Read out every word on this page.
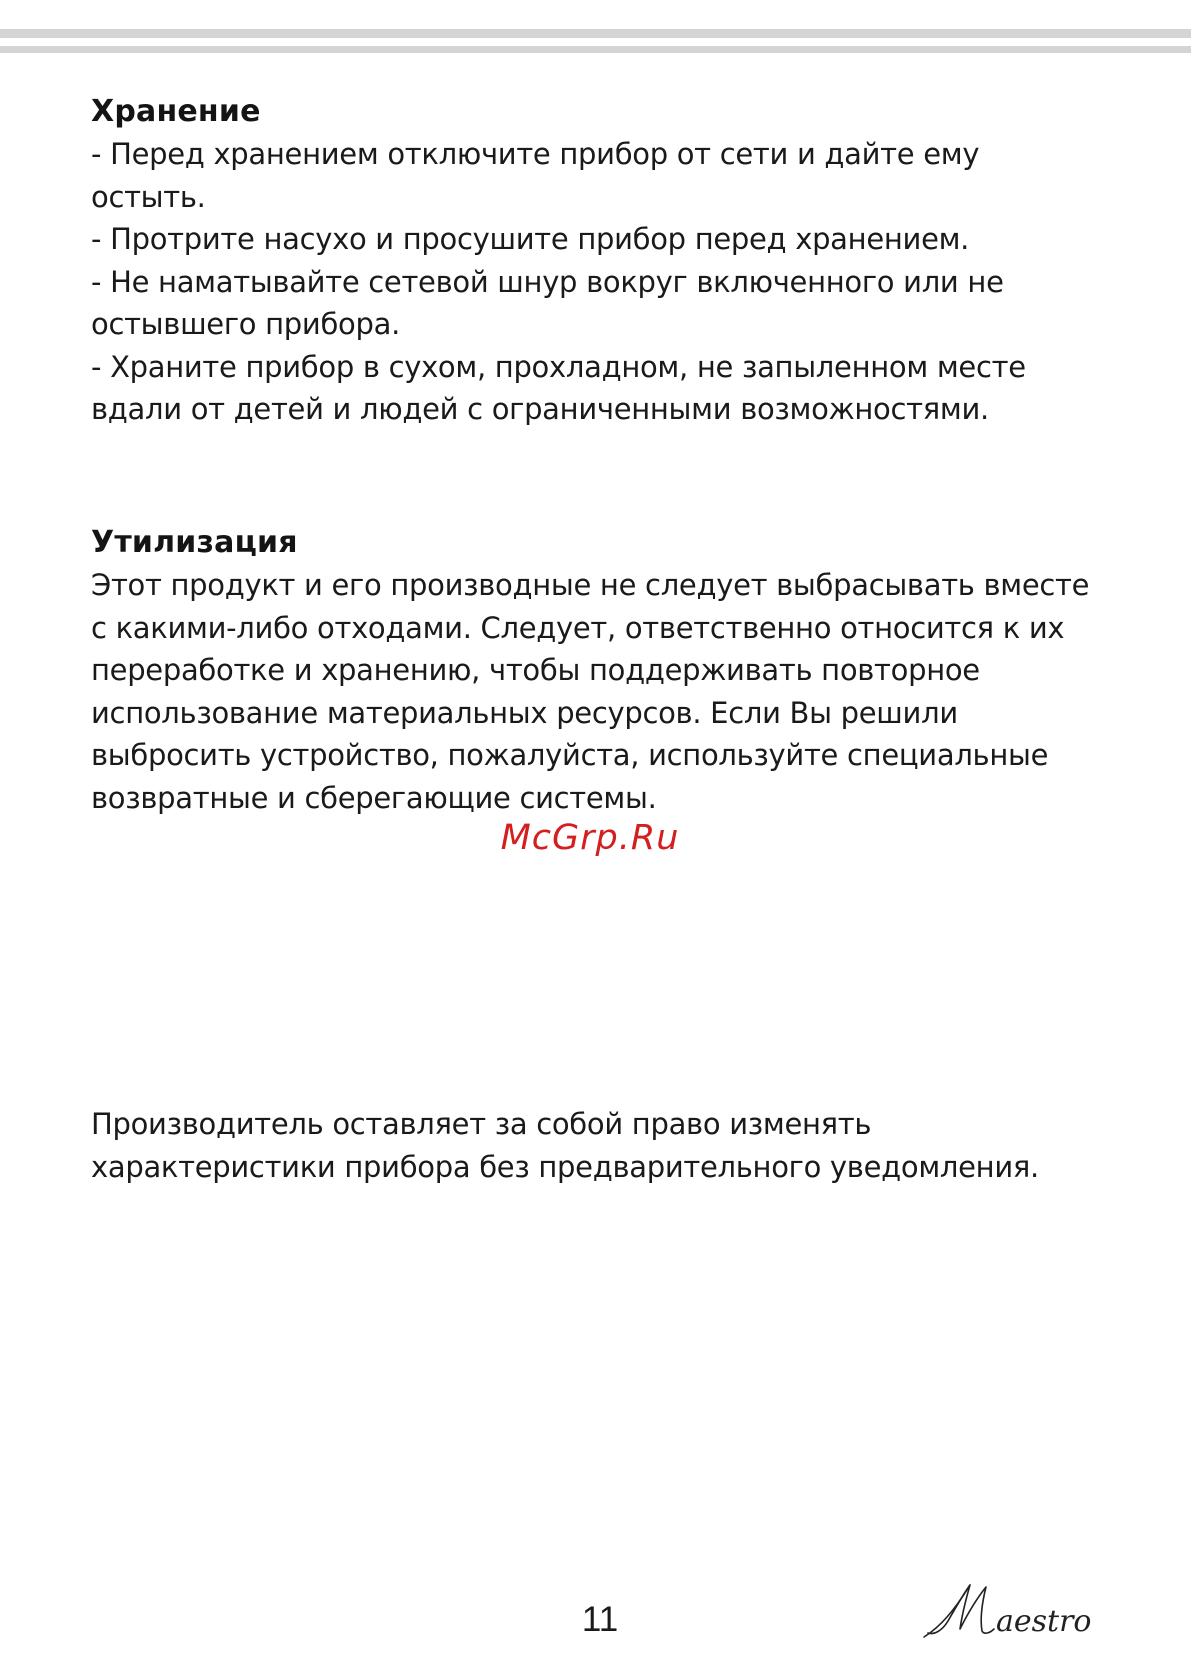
Хранение

- Перед хранением отключите прибор от сети и дайте ему

остыть.

- Протрите насухо и просушите прибор перед хранением.

- Не наматывайте сетевой шнур вокруг включенного или не

остывшего прибора.

- Храните прибор в сухом, прохладном, не запыленном месте

вдали от детей и людей с ограниченными возможностями.

Утилизация

Этот продукт и его производные не следует выбрасывать вместе

с какими-либо отходами. Следует, ответственно относится к их

переработке и хранению, чтобы поддерживать повторное

использование материальных ресурсов. Если Вы решили

выбросить устройство, пожалуйста, используйте специальные

возвратные и сберегающие системы.

McGrp.Ru

Производитель оставляет за собой право изменять

характеристики прибора без предварительного уведомления.

11	aestro
